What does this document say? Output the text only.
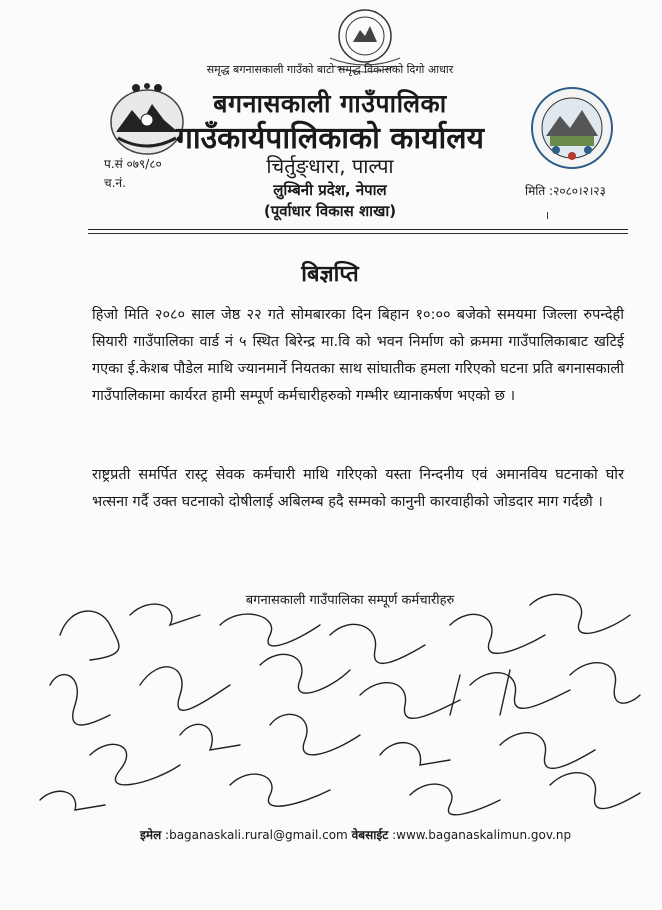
समृद्ध बगनासकाली गाउँको बाटो समृद्ध विकासको दिगो आधार
बगनासकाली गाउँपालिका
गाउँकार्यपालिकाको कार्यालय
चिर्तुङ्धारा, पाल्पा
लुम्बिनी प्रदेश, नेपाल
(पूर्वाधार विकास शाखा)
प.सं ०७९/८०
च.नं.
मिति :२०८०।२।२३
।
बिज्ञप्ति
हिजो मिति २०८० साल जेष्ठ २२ गते सोमबारका दिन बिहान १०:०० बजेको समयमा जिल्ला रुपन्देही सियारी गाउँपालिका वार्ड नं ५ स्थित बिरेन्द्र मा.वि को भवन निर्माण को क्रममा गाउँपालिकाबाट खटिई गएका ई.केशब पौडेल माथि ज्यानमार्ने नियतका साथ सांघातीक हमला गरिएको घटना प्रति बगनासकाली गाउँपालिकामा कार्यरत हामी सम्पूर्ण कर्मचारीहरुको गम्भीर ध्यानाकर्षण भएको छ ।
राष्ट्रप्रती समर्पित रास्ट्र सेवक कर्मचारी माथि गरिएको यस्ता निन्दनीय एवं अमानविय घटनाको घोर भत्सना गर्दै उक्त घटनाको दोषीलाई अबिलम्ब हदै सम्मको कानुनी कारवाहीको जोडदार माग गर्दछौ ।
बगनासकाली गाउँपालिका सम्पूर्ण कर्मचारीहरु
इमेल :baganaskali.rural@gmail.com वेबसाईट :www.baganaskalimun.gov.np
